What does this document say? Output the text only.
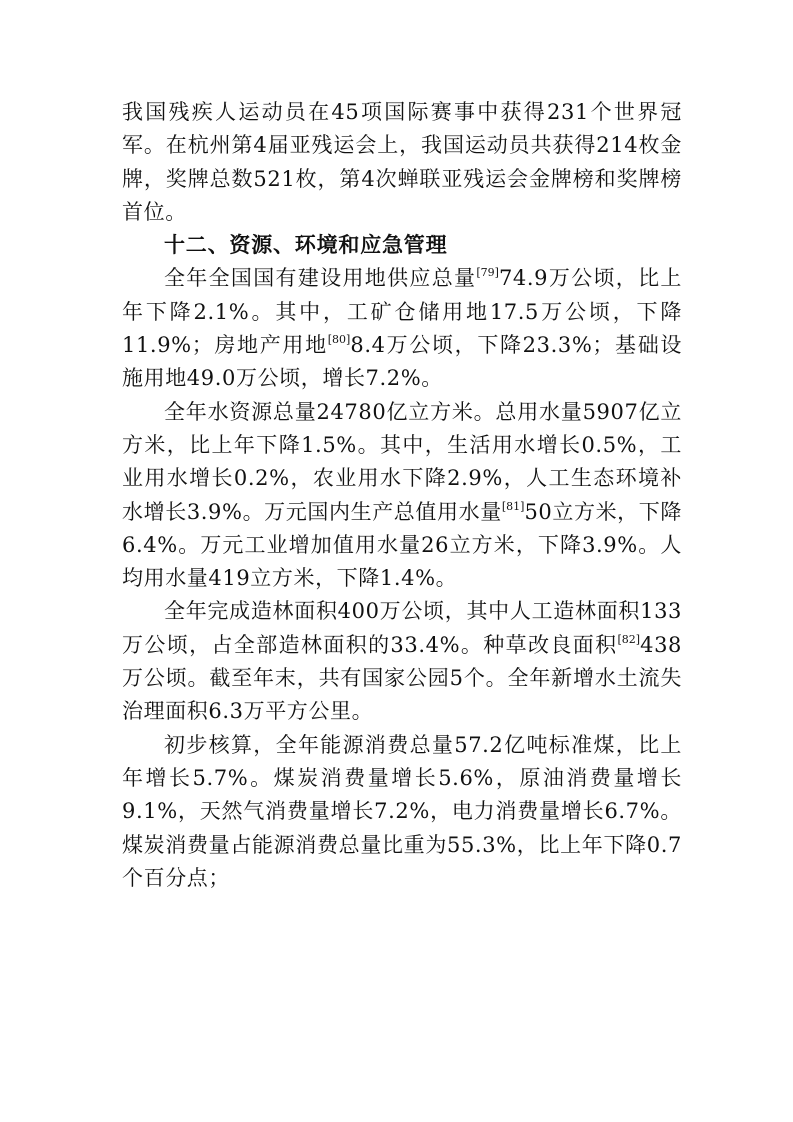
我国残疾人运动员在45项国际赛事中获得231个世界冠军。在杭州第4届亚残运会上，我国运动员共获得214枚金牌，奖牌总数521枚，第4次蝉联亚残运会金牌榜和奖牌榜首位。

十二、资源、环境和应急管理

全年全国国有建设用地供应总量[79]74.9万公顷，比上年下降2.1%。其中，工矿仓储用地17.5万公顷，下降11.9%；房地产用地[80]8.4万公顷，下降23.3%；基础设施用地49.0万公顷，增长7.2%。

全年水资源总量24780亿立方米。总用水量5907亿立方米，比上年下降1.5%。其中，生活用水增长0.5%，工业用水增长0.2%，农业用水下降2.9%，人工生态环境补水增长3.9%。万元国内生产总值用水量[81]50立方米，下降6.4%。万元工业增加值用水量26立方米，下降3.9%。人均用水量419立方米，下降1.4%。

全年完成造林面积400万公顷，其中人工造林面积133万公顷，占全部造林面积的33.4%。种草改良面积[82]438万公顷。截至年末，共有国家公园5个。全年新增水土流失治理面积6.3万平方公里。

初步核算，全年能源消费总量57.2亿吨标准煤，比上年增长5.7%。煤炭消费量增长5.6%，原油消费量增长9.1%，天然气消费量增长7.2%，电力消费量增长6.7%。煤炭消费量占能源消费总量比重为55.3%，比上年下降0.7个百分点；
